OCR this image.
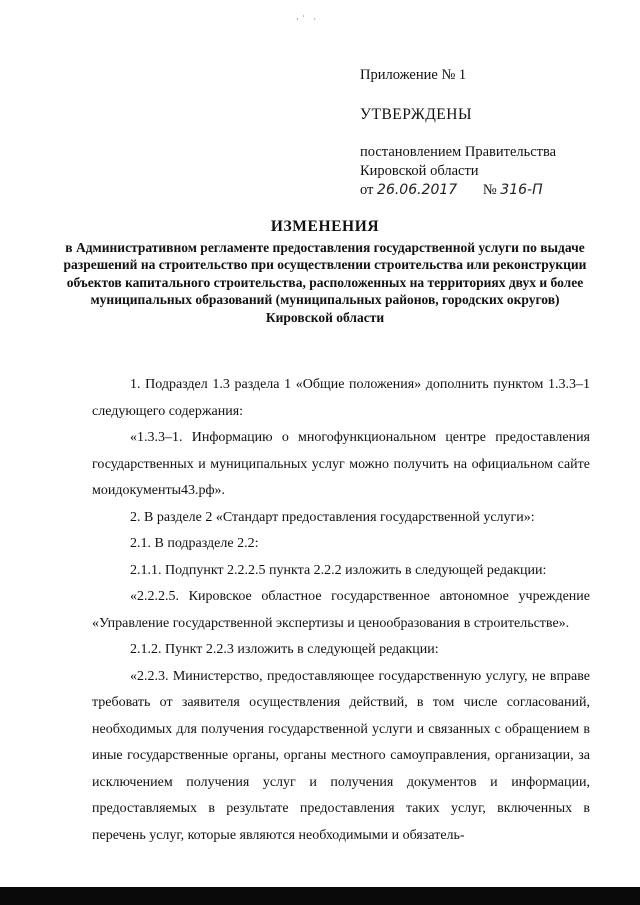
·˙ ·

Приложение № 1

УТВЕРЖДЕНЫ

постановлением Правительства

Кировской области

от 26.06.2017 № 316-П

ИЗМЕНЕНИЯ

в Административном регламенте предоставления государственной услуги по выдаче разрешений на строительство при осуществлении строительства или реконструкции объектов капитального строительства, расположенных на территориях двух и более муниципальных образований (муниципальных районов, городских округов) Кировской области

1. Подраздел 1.3 раздела 1 «Общие положения» дополнить пунктом 1.3.3–1 следующего содержания:

«1.3.3–1. Информацию о многофункциональном центре предоставления государственных и муниципальных услуг можно получить на официальном сайте моидокументы43.рф».

2. В разделе 2 «Стандарт предоставления государственной услуги»:

2.1. В подразделе 2.2:

2.1.1. Подпункт 2.2.2.5 пункта 2.2.2 изложить в следующей редакции:

«2.2.2.5. Кировское областное государственное автономное учреждение «Управление государственной экспертизы и ценообразования в строительстве».

2.1.2. Пункт 2.2.3 изложить в следующей редакции:

«2.2.3. Министерство, предоставляющее государственную услугу, не вправе требовать от заявителя осуществления действий, в том числе согласований, необходимых для получения государственной услуги и связанных с обращением в иные государственные органы, органы местного самоуправления, организации, за исключением получения услуг и получения документов и информации, предоставляемых в результате предоставления таких услуг, включенных в перечень услуг, которые являются необходимыми и обязатель-
